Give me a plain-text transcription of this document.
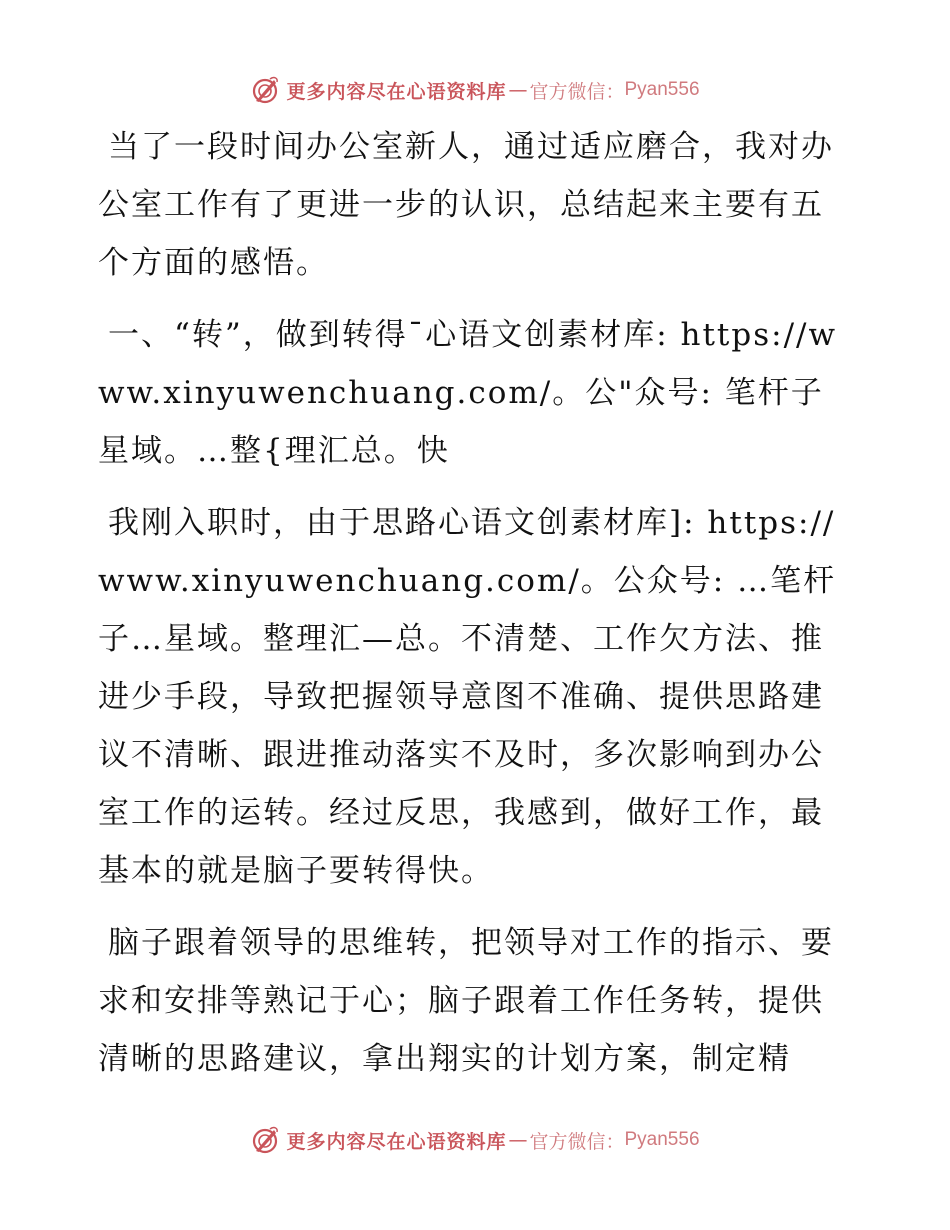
更多内容尽在心语资料库 — 官方微信： Pyan556

当了一段时间办公室新人，通过适应磨合，我对办公室工作有了更进一步的认识，总结起来主要有五个方面的感悟。

一、“转”，做到转得¯心语文创素材库: https://www.xinyuwenchuang.com/。公"众号: 笔杆子星域。…整{理汇总。快

我刚入职时，由于思路心语文创素材库]: https://www.xinyuwenchuang.com/。公众号: …笔杆子…星域。整理汇—总。不清楚、工作欠方法、推进少手段，导致把握领导意图不准确、提供思路建议不清晰、跟进推动落实不及时，多次影响到办公室工作的运转。经过反思，我感到，做好工作，最基本的就是脑子要转得快。

脑子跟着领导的思维转，把领导对工作的指示、要求和安排等熟记于心；脑子跟着工作任务转，提供清晰的思路建议，拿出翔实的计划方案，制定精

更多内容尽在心语资料库 — 官方微信： Pyan556
